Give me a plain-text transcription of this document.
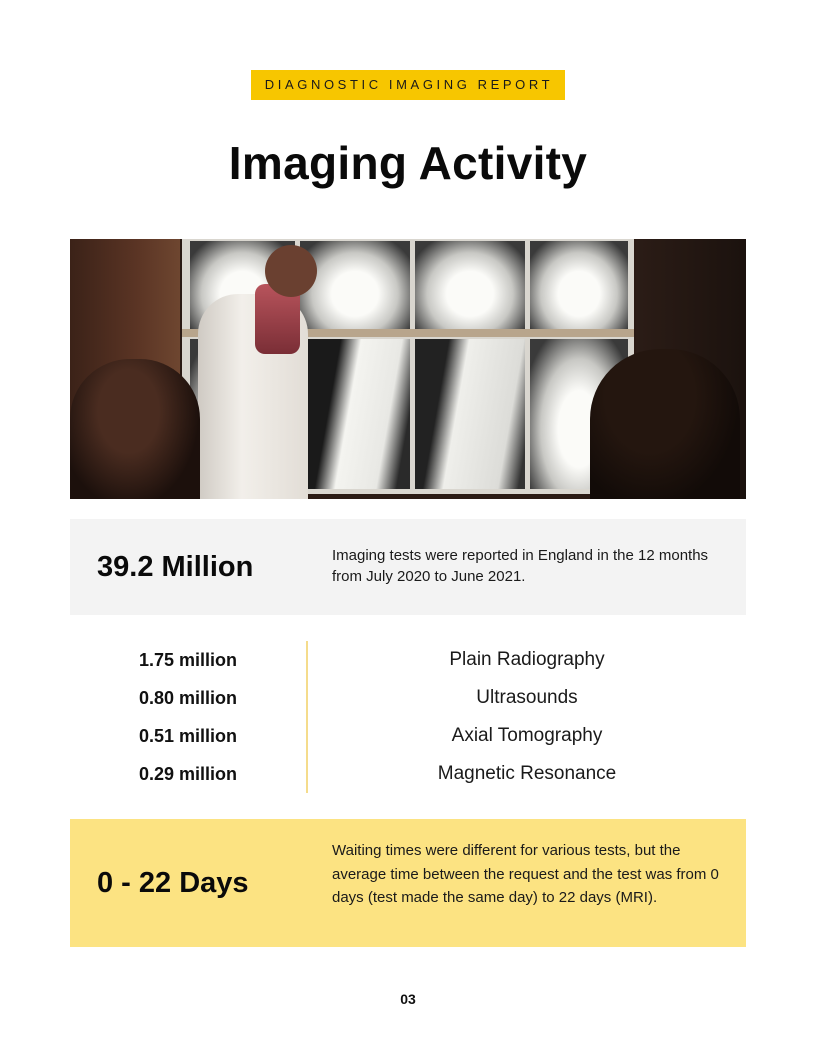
DIAGNOSTIC IMAGING REPORT
Imaging Activity
39.2 Million	Imaging tests were reported in England in the 12 months from July 2020 to June 2021.
1.75 million	Plain Radiography
0.80 million	Ultrasounds
0.51 million	Axial Tomography
0.29 million	Magnetic Resonance
0 - 22 Days
Waiting times were different for various tests, but the average time between the request and the test was from 0 days (test made the same day) to 22 days (MRI).
03
